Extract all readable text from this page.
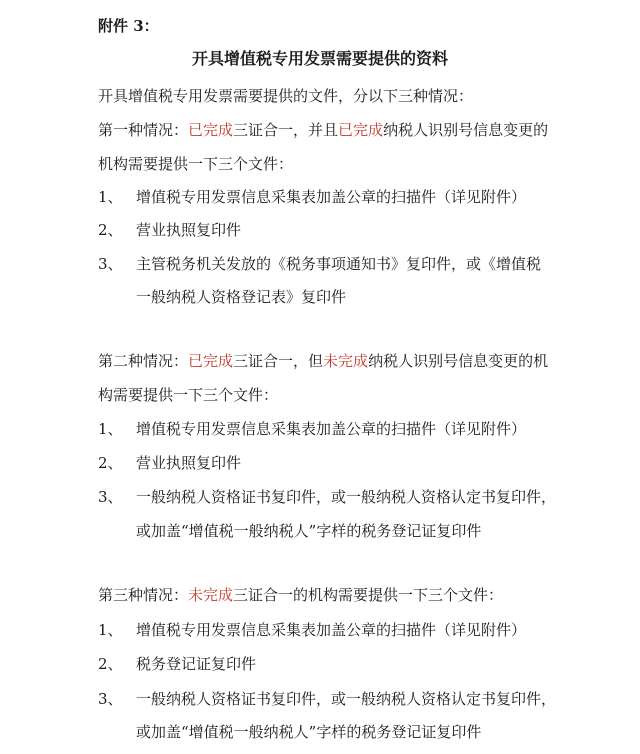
附件 3：
开具增值税专用发票需要提供的资料
开具增值税专用发票需要提供的文件，分以下三种情况：
第一种情况：已完成三证合一，并且已完成纳税人识别号信息变更的
机构需要提供一下三个文件：
1、 增值税专用发票信息采集表加盖公章的扫描件（详见附件）
2、 营业执照复印件
3、 主管税务机关发放的《税务事项通知书》复印件，或《增值税
一般纳税人资格登记表》复印件
第二种情况：已完成三证合一，但未完成纳税人识别号信息变更的机
构需要提供一下三个文件：
1、 增值税专用发票信息采集表加盖公章的扫描件（详见附件）
2、 营业执照复印件
3、 一般纳税人资格证书复印件，或一般纳税人资格认定书复印件，
或加盖“增值税一般纳税人”字样的税务登记证复印件
第三种情况：未完成三证合一的机构需要提供一下三个文件：
1、 增值税专用发票信息采集表加盖公章的扫描件（详见附件）
2、 税务登记证复印件
3、 一般纳税人资格证书复印件，或一般纳税人资格认定书复印件，
或加盖“增值税一般纳税人”字样的税务登记证复印件
